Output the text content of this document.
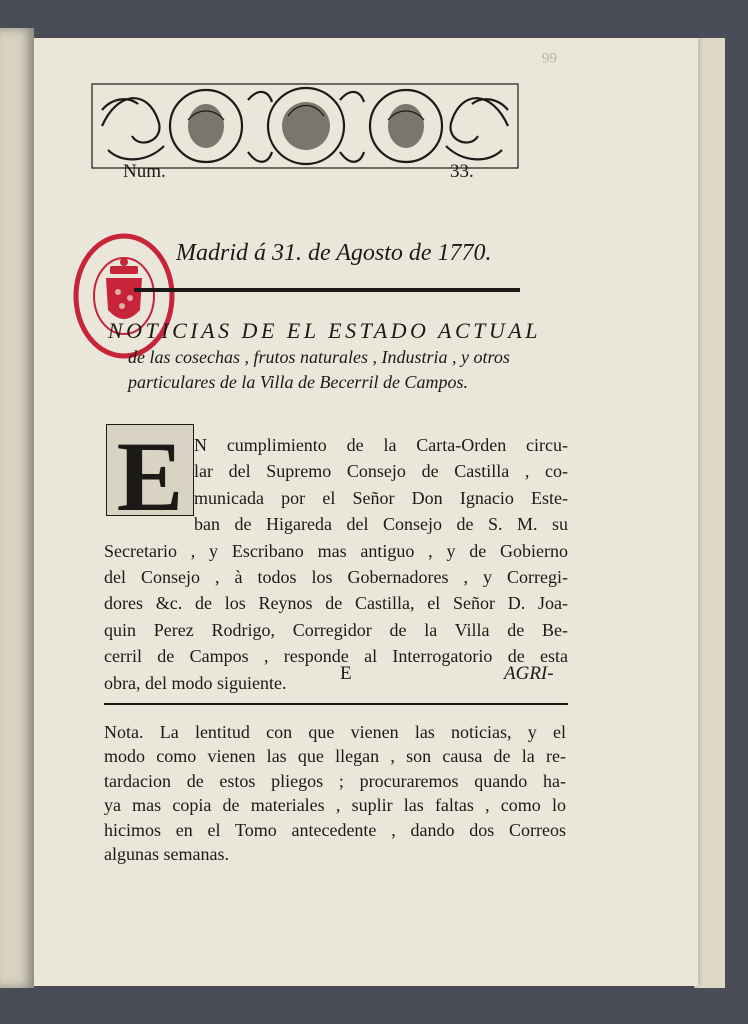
66
Num.	33.
Madrid á 31. de Agosto de 1770.
NOTICIAS DE EL ESTADO ACTUAL
de las cosechas , frutos naturales , Industria , y otros
particulares de la Villa de Becerril de Campos.
E N cumplimiento de la Carta-Orden circu-
lar del Supremo Consejo de Castilla , co-
municada por el Señor Don Ignacio Este-
ban de Higareda del Consejo de S. M. su
Secretario , y Escribano mas antiguo , y de Gobierno
del Consejo , à todos los Gobernadores , y Corregi-
dores &c. de los Reynos de Castilla, el Señor D. Joa-
quin Perez Rodrigo, Corregidor de la Villa de Be-
cerril de Campos , responde al Interrogatorio de esta
obra, del modo siguiente.	E	AGRI-
Nota. La lentitud con que vienen las noticias, y el
modo como vienen las que llegan , son causa de la re-
tardacion de estos pliegos ; procuraremos quando ha-
ya mas copia de materiales , suplir las faltas , como lo
hicimos en el Tomo antecedente , dando dos Correos
algunas semanas.
